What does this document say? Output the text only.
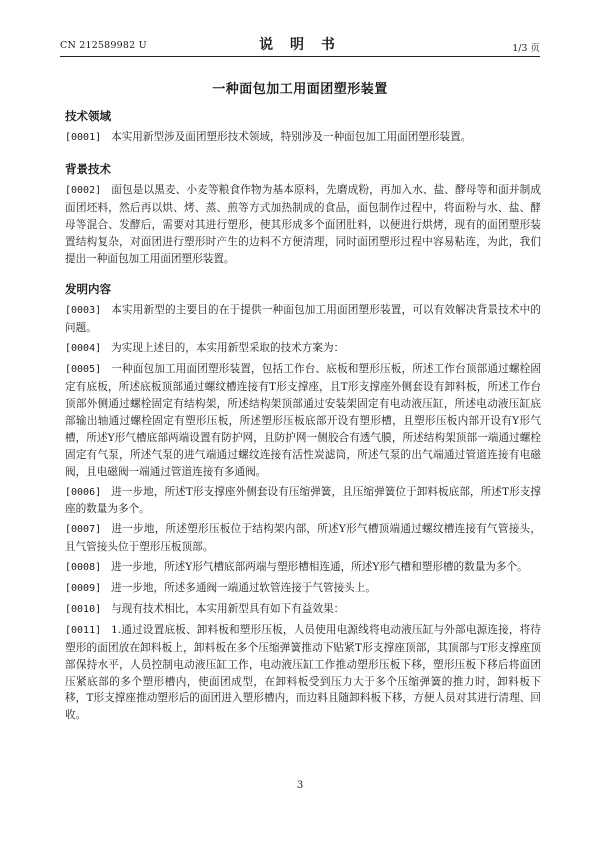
CN 212589982 U	说 明 书	1/3 页
一种面包加工用面团塑形装置
技术领域

[0001] 本实用新型涉及面团塑形技术领域，特别涉及一种面包加工用面团塑形装置。

背景技术

[0002] 面包是以黑麦、小麦等粮食作物为基本原料，先磨成粉，再加入水、盐、酵母等和面并制成面团坯料，然后再以烘、烤、蒸、煎等方式加热制成的食品，面包制作过程中，将面粉与水、盐、酵母等混合、发酵后，需要对其进行塑形，使其形成多个面团肚料，以便进行烘烤，现有的面团塑形装置结构复杂，对面团进行塑形时产生的边料不方便清理，同时面团塑形过程中容易粘连，为此，我们提出一种面包加工用面团塑形装置。

发明内容

[0003] 本实用新型的主要目的在于提供一种面包加工用面团塑形装置，可以有效解决背景技术中的问题。

[0004] 为实现上述目的，本实用新型采取的技术方案为：

[0005] 一种面包加工用面团塑形装置，包括工作台、底板和塑形压板，所述工作台顶部通过螺栓固定有底板，所述底板顶部通过螺纹槽连接有T形支撑座，且T形支撑座外侧套设有卸料板，所述工作台顶部外侧通过螺栓固定有结构架，所述结构架顶部通过安装架固定有电动液压缸，所述电动液压缸底部输出轴通过螺栓固定有塑形压板，所述塑形压板底部开设有塑形槽，且塑形压板内部开设有Y形气槽，所述Y形气槽底部两端设置有防护网，且防护网一侧胶合有透气膜，所述结构架顶部一端通过螺栓固定有气泵，所述气泵的进气端通过螺纹连接有活性炭滤筒，所述气泵的出气端通过管道连接有电磁阀，且电磁阀一端通过管道连接有多通阀。

[0006] 进一步地，所述T形支撑座外侧套设有压缩弹簧，且压缩弹簧位于卸料板底部，所述T形支撑座的数量为多个。

[0007] 进一步地，所述塑形压板位于结构架内部，所述Y形气槽顶端通过螺纹槽连接有气管接头，且气管接头位于塑形压板顶部。

[0008] 进一步地，所述Y形气槽底部两端与塑形槽相连通，所述Y形气槽和塑形槽的数量为多个。

[0009] 进一步地，所述多通阀一端通过软管连接于气管接头上。

[0010] 与现有技术相比，本实用新型具有如下有益效果：

[0011] 1.通过设置底板、卸料板和塑形压板，人员使用电源线将电动液压缸与外部电源连接，将待塑形的面团放在卸料板上，卸料板在多个压缩弹簧推动下贴紧T形支撑座顶部，其顶部与T形支撑座顶部保持水平，人员控制电动液压缸工作，电动液压缸工作推动塑形压板下移，塑形压板下移后将面团压紧底部的多个塑形槽内，使面团成型，在卸料板受到压力大于多个压缩弹簧的推力时，卸料板下移，T形支撑座推动塑形后的面团进入塑形槽内，而边料且随卸料板下移，方便人员对其进行清理、回收。

3
